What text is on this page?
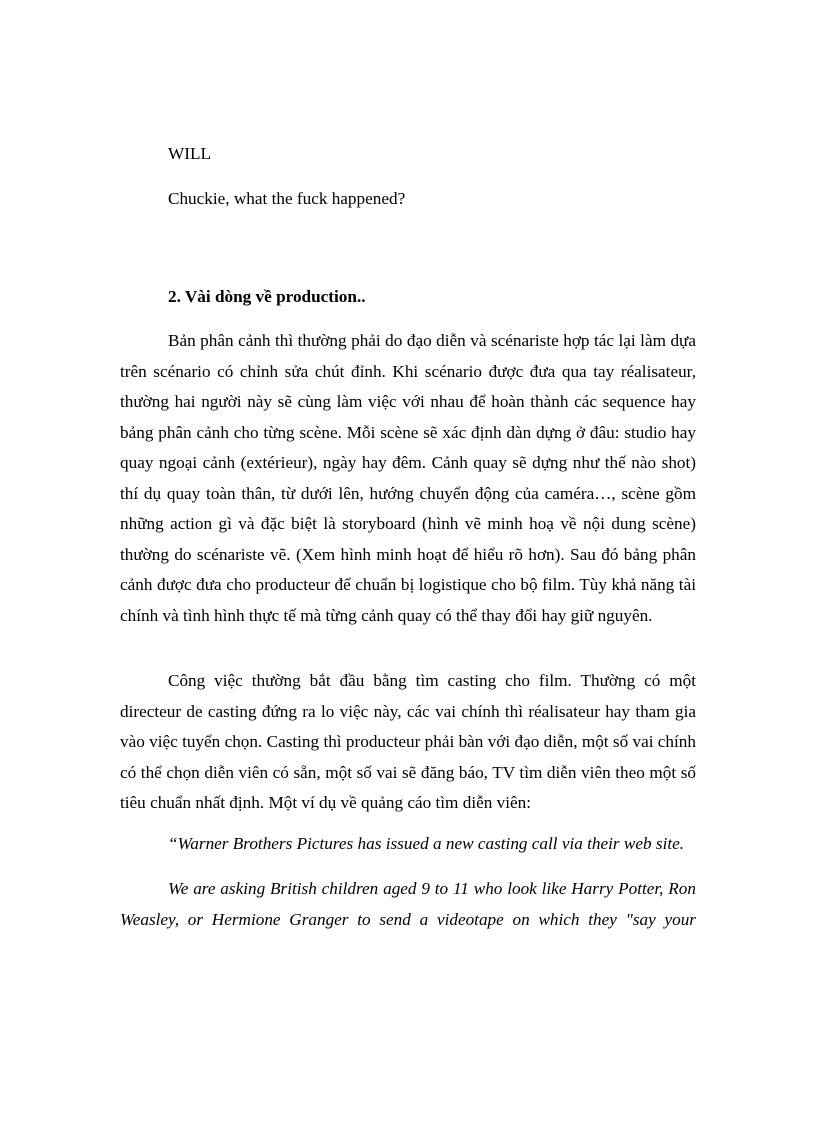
WILL

Chuckie, what the fuck happened?

2. Vài dòng về production..

Bản phân cảnh thì thường phải do đạo diễn và scénariste hợp tác lại làm dựa trên scénario có chỉnh sửa chút đỉnh. Khi scénario được đưa qua tay réalisateur, thường hai người này sẽ cùng làm việc với nhau để hoàn thành các sequence hay bảng phân cảnh cho từng scène. Mỗi scène sẽ xác định dàn dựng ở đâu: studio hay quay ngoại cảnh (extérieur), ngày hay đêm. Cảnh quay sẽ dựng như thế nào shot) thí dụ quay toàn thân, từ dưới lên, hướng chuyển động của caméra…, scène gồm những action gì và đặc biệt là storyboard (hình vẽ minh hoạ về nội dung scène) thường do scénariste vẽ. (Xem hình minh hoạt để hiểu rõ hơn). Sau đó bảng phân cảnh được đưa cho producteur để chuẩn bị logistique cho bộ film. Tùy khả năng tài chính và tình hình thực tế mà từng cảnh quay có thể thay đổi hay giữ nguyên.

Công việc thường bắt đầu bằng tìm casting cho film. Thường có một directeur de casting đứng ra lo việc này, các vai chính thì réalisateur hay tham gia vào việc tuyển chọn. Casting thì producteur phải bàn với đạo diễn, một số vai chính có thể chọn diễn viên có sẵn, một số vai sẽ đăng báo, TV tìm diễn viên theo một số tiêu chuẩn nhất định. Một ví dụ về quảng cáo tìm diễn viên:

“Warner Brothers Pictures has issued a new casting call via their web site.

We are asking British children aged 9 to 11 who look like Harry Potter, Ron Weasley, or Hermione Granger to send a videotape on which they "say your
